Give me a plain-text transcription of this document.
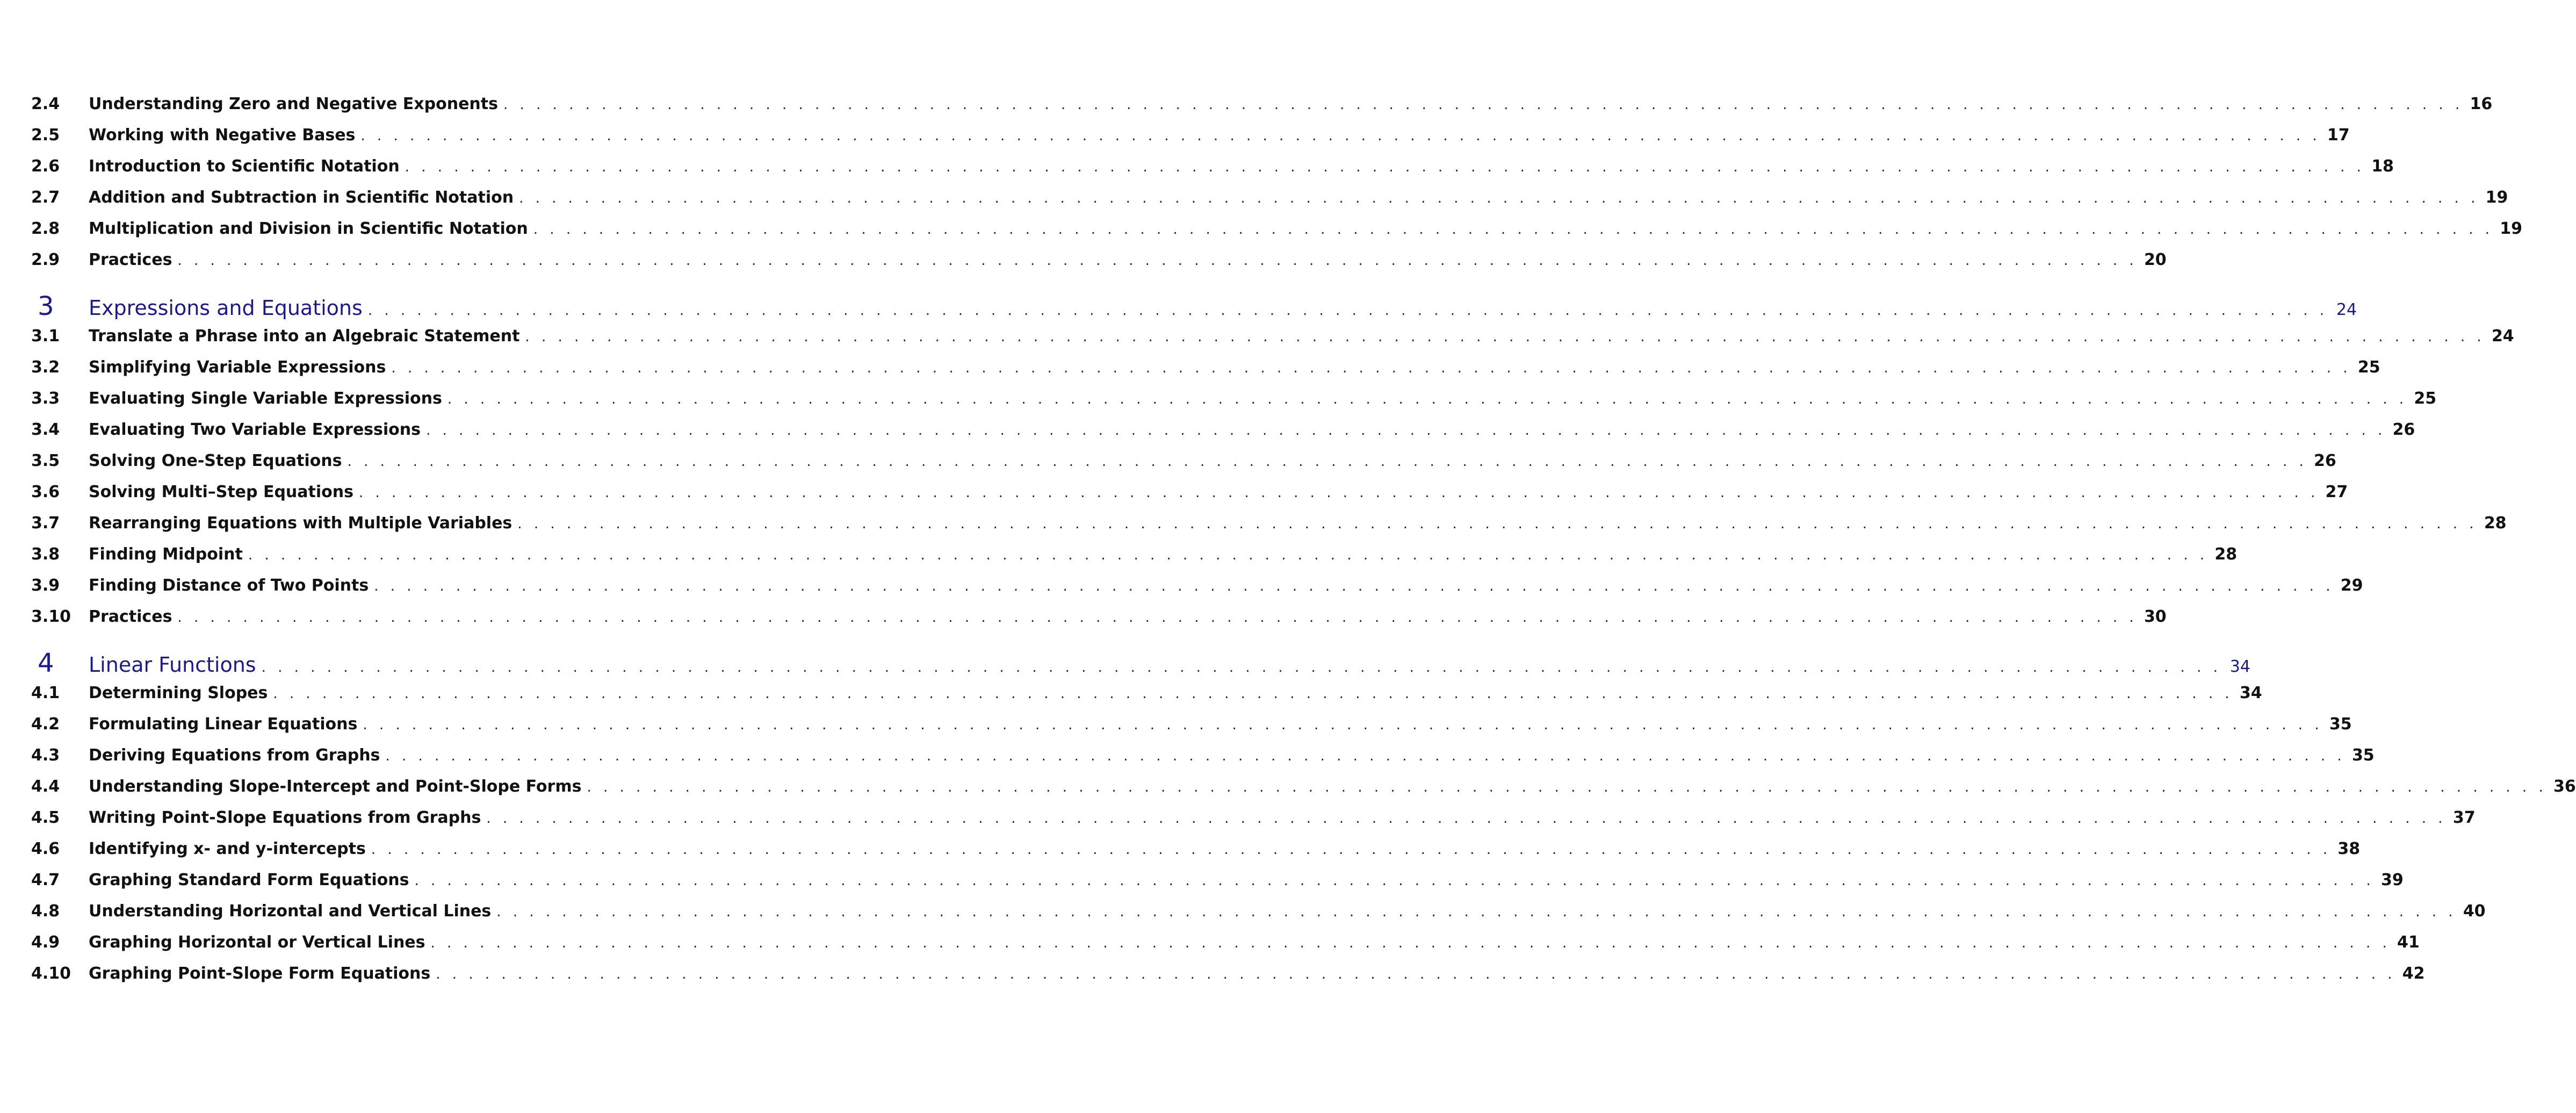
2.4	Understanding Zero and Negative Exponents . . . . . . . . . . . . . . . . . . . . . . . . . . . . . . . . . . . . . . . . . . . . . . . . . . . . . . . . . . . . . . . . . . . . . . . . . . . . . . . . . . . . . . . . . . . . . . . . . . . . . . . . . . . . . . . . . . . . . . . . 16
2.5	Working with Negative Bases . . . . . . . . . . . . . . . . . . . . . . . . . . . . . . . . . . . . . . . . . . . . . . . . . . . . . . . . . . . . . . . . . . . . . . . . . . . . . . . . . . . . . . . . . . . . . . . . . . . . . . . . . . . . . . . . . . . . . . . . 17
2.6	Introduction to Scientific Notation . . . . . . . . . . . . . . . . . . . . . . . . . . . . . . . . . . . . . . . . . . . . . . . . . . . . . . . . . . . . . . . . . . . . . . . . . . . . . . . . . . . . . . . . . . . . . . . . . . . . . . . . . . . . . . . . . . . . . . . . 18
2.7	Addition and Subtraction in Scientific Notation . . . . . . . . . . . . . . . . . . . . . . . . . . . . . . . . . . . . . . . . . . . . . . . . . . . . . . . . . . . . . . . . . . . . . . . . . . . . . . . . . . . . . . . . . . . . . . . . . . . . . . . . . . . . . . . . . . . . . . . . 19
2.8	Multiplication and Division in Scientific Notation . . . . . . . . . . . . . . . . . . . . . . . . . . . . . . . . . . . . . . . . . . . . . . . . . . . . . . . . . . . . . . . . . . . . . . . . . . . . . . . . . . . . . . . . . . . . . . . . . . . . . . . . . . . . . . . . . . . . . . . . 19
2.9	Practices . . . . . . . . . . . . . . . . . . . . . . . . . . . . . . . . . . . . . . . . . . . . . . . . . . . . . . . . . . . . . . . . . . . . . . . . . . . . . . . . . . . . . . . . . . . . . . . . . . . . . . . . . . . . . . . . . . . . . . . . 20
3	Expressions and Equations . . . . . . . . . . . . . . . . . . . . . . . . . . . . . . . . . . . . . . . . . . . . . . . . . . . . . . . . . . . . . . . . . . . . . . . . . . . . . . . . . . . . . . . . . . . . . . . . . . . . . . . . . . . . . . . . . . . . . . . . 24
3.1	Translate a Phrase into an Algebraic Statement . . . . . . . . . . . . . . . . . . . . . . . . . . . . . . . . . . . . . . . . . . . . . . . . . . . . . . . . . . . . . . . . . . . . . . . . . . . . . . . . . . . . . . . . . . . . . . . . . . . . . . . . . . . . . . . . . . . . . . . . 24
3.2	Simplifying Variable Expressions . . . . . . . . . . . . . . . . . . . . . . . . . . . . . . . . . . . . . . . . . . . . . . . . . . . . . . . . . . . . . . . . . . . . . . . . . . . . . . . . . . . . . . . . . . . . . . . . . . . . . . . . . . . . . . . . . . . . . . . . 25
3.3	Evaluating Single Variable Expressions . . . . . . . . . . . . . . . . . . . . . . . . . . . . . . . . . . . . . . . . . . . . . . . . . . . . . . . . . . . . . . . . . . . . . . . . . . . . . . . . . . . . . . . . . . . . . . . . . . . . . . . . . . . . . . . . . . . . . . . . 25
3.4	Evaluating Two Variable Expressions . . . . . . . . . . . . . . . . . . . . . . . . . . . . . . . . . . . . . . . . . . . . . . . . . . . . . . . . . . . . . . . . . . . . . . . . . . . . . . . . . . . . . . . . . . . . . . . . . . . . . . . . . . . . . . . . . . . . . . . . 26
3.5	Solving One-Step Equations . . . . . . . . . . . . . . . . . . . . . . . . . . . . . . . . . . . . . . . . . . . . . . . . . . . . . . . . . . . . . . . . . . . . . . . . . . . . . . . . . . . . . . . . . . . . . . . . . . . . . . . . . . . . . . . . . . . . . . . . 26
3.6	Solving Multi–Step Equations . . . . . . . . . . . . . . . . . . . . . . . . . . . . . . . . . . . . . . . . . . . . . . . . . . . . . . . . . . . . . . . . . . . . . . . . . . . . . . . . . . . . . . . . . . . . . . . . . . . . . . . . . . . . . . . . . . . . . . . . 27
3.7	Rearranging Equations with Multiple Variables . . . . . . . . . . . . . . . . . . . . . . . . . . . . . . . . . . . . . . . . . . . . . . . . . . . . . . . . . . . . . . . . . . . . . . . . . . . . . . . . . . . . . . . . . . . . . . . . . . . . . . . . . . . . . . . . . . . . . . . . 28
3.8	Finding Midpoint . . . . . . . . . . . . . . . . . . . . . . . . . . . . . . . . . . . . . . . . . . . . . . . . . . . . . . . . . . . . . . . . . . . . . . . . . . . . . . . . . . . . . . . . . . . . . . . . . . . . . . . . . . . . . . . . . . . . . . . . 28
3.9	Finding Distance of Two Points . . . . . . . . . . . . . . . . . . . . . . . . . . . . . . . . . . . . . . . . . . . . . . . . . . . . . . . . . . . . . . . . . . . . . . . . . . . . . . . . . . . . . . . . . . . . . . . . . . . . . . . . . . . . . . . . . . . . . . . . 29
3.10	Practices . . . . . . . . . . . . . . . . . . . . . . . . . . . . . . . . . . . . . . . . . . . . . . . . . . . . . . . . . . . . . . . . . . . . . . . . . . . . . . . . . . . . . . . . . . . . . . . . . . . . . . . . . . . . . . . . . . . . . . . . 30
4	Linear Functions . . . . . . . . . . . . . . . . . . . . . . . . . . . . . . . . . . . . . . . . . . . . . . . . . . . . . . . . . . . . . . . . . . . . . . . . . . . . . . . . . . . . . . . . . . . . . . . . . . . . . . . . . . . . . . . . . . . . . . . . 34
4.1	Determining Slopes . . . . . . . . . . . . . . . . . . . . . . . . . . . . . . . . . . . . . . . . . . . . . . . . . . . . . . . . . . . . . . . . . . . . . . . . . . . . . . . . . . . . . . . . . . . . . . . . . . . . . . . . . . . . . . . . . . . . . . . . 34
4.2	Formulating Linear Equations . . . . . . . . . . . . . . . . . . . . . . . . . . . . . . . . . . . . . . . . . . . . . . . . . . . . . . . . . . . . . . . . . . . . . . . . . . . . . . . . . . . . . . . . . . . . . . . . . . . . . . . . . . . . . . . . . . . . . . . . 35
4.3	Deriving Equations from Graphs . . . . . . . . . . . . . . . . . . . . . . . . . . . . . . . . . . . . . . . . . . . . . . . . . . . . . . . . . . . . . . . . . . . . . . . . . . . . . . . . . . . . . . . . . . . . . . . . . . . . . . . . . . . . . . . . . . . . . . . . 35
4.4	Understanding Slope-Intercept and Point-Slope Forms . . . . . . . . . . . . . . . . . . . . . . . . . . . . . . . . . . . . . . . . . . . . . . . . . . . . . . . . . . . . . . . . . . . . . . . . . . . . . . . . . . . . . . . . . . . . . . . . . . . . . . . . . . . . . . . . . . . . . . . . 36
4.5	Writing Point-Slope Equations from Graphs . . . . . . . . . . . . . . . . . . . . . . . . . . . . . . . . . . . . . . . . . . . . . . . . . . . . . . . . . . . . . . . . . . . . . . . . . . . . . . . . . . . . . . . . . . . . . . . . . . . . . . . . . . . . . . . . . . . . . . . . 37
4.6	Identifying x- and y-intercepts . . . . . . . . . . . . . . . . . . . . . . . . . . . . . . . . . . . . . . . . . . . . . . . . . . . . . . . . . . . . . . . . . . . . . . . . . . . . . . . . . . . . . . . . . . . . . . . . . . . . . . . . . . . . . . . . . . . . . . . . 38
4.7	Graphing Standard Form Equations . . . . . . . . . . . . . . . . . . . . . . . . . . . . . . . . . . . . . . . . . . . . . . . . . . . . . . . . . . . . . . . . . . . . . . . . . . . . . . . . . . . . . . . . . . . . . . . . . . . . . . . . . . . . . . . . . . . . . . . . 39
4.8	Understanding Horizontal and Vertical Lines . . . . . . . . . . . . . . . . . . . . . . . . . . . . . . . . . . . . . . . . . . . . . . . . . . . . . . . . . . . . . . . . . . . . . . . . . . . . . . . . . . . . . . . . . . . . . . . . . . . . . . . . . . . . . . . . . . . . . . . . 40
4.9	Graphing Horizontal or Vertical Lines . . . . . . . . . . . . . . . . . . . . . . . . . . . . . . . . . . . . . . . . . . . . . . . . . . . . . . . . . . . . . . . . . . . . . . . . . . . . . . . . . . . . . . . . . . . . . . . . . . . . . . . . . . . . . . . . . . . . . . . . 41
4.10	Graphing Point-Slope Form Equations . . . . . . . . . . . . . . . . . . . . . . . . . . . . . . . . . . . . . . . . . . . . . . . . . . . . . . . . . . . . . . . . . . . . . . . . . . . . . . . . . . . . . . . . . . . . . . . . . . . . . . . . . . . . . . . . . . . . . . . . 42
